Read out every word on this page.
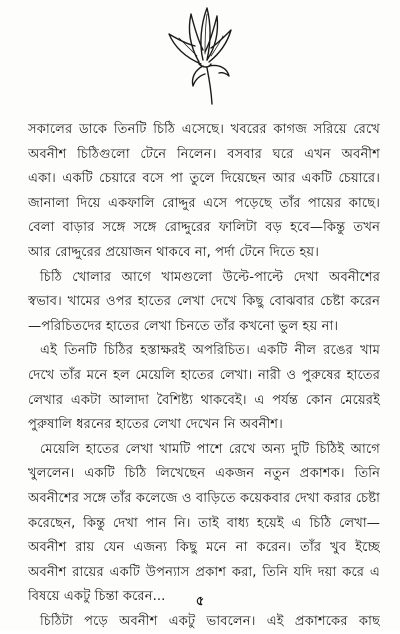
সকালের ডাকে তিনটি চিঠি এসেছে। খবরের কাগজ সরিয়ে রেখে
অবনীশ চিঠিগুলো টেনে নিলেন। বসবার ঘরে এখন অবনীশ
একা। একটি চেয়ারে বসে পা তুলে দিয়েছেন আর একটি চেয়ারে।
জানালা দিয়ে একফালি রোদ্দুর এসে পড়েছে তাঁর পায়ের কাছে।
বেলা বাড়ার সঙ্গে সঙ্গে রোদ্দুরের ফালিটা বড় হবে—কিন্তু তখন
আর রোদ্দুরের প্রয়োজন থাকবে না, পর্দা টেনে দিতে হয়।
চিঠি খোলার আগে খামগুলো উল্টে-পাল্টে দেখা অবনীশের
স্বভাব। খামের ওপর হাতের লেখা দেখে কিছু বোঝবার চেষ্টা করেন
—পরিচিতদের হাতের লেখা চিনতে তাঁর কখনো ভুল হয় না।
এই তিনটি চিঠির হস্তাক্ষরই অপরিচিত। একটি নীল রঙের খাম
দেখে তাঁর মনে হল মেয়েলি হাতের লেখা। নারী ও পুরুষের হাতের
লেখার একটা আলাদা বৈশিষ্ট্য থাকবেই। এ পর্যন্ত কোন মেয়েরই
পুরুষালি ধরনের হাতের লেখা দেখেন নি অবনীশ।
মেয়েলি হাতের লেখা খামটি পাশে রেখে অন্য দুটি চিঠিই আগে
খুললেন। একটি চিঠি লিখেছেন একজন নতুন প্রকাশক। তিনি
অবনীশের সঙ্গে তাঁর কলেজে ও বাড়িতে কয়েকবার দেখা করার চেষ্টা
করেছেন, কিন্তু দেখা পান নি। তাই বাধ্য হয়েই এ চিঠি লেখা—
অবনীশ রায় যেন এজন্য কিছু মনে না করেন। তাঁর খুব ইচ্ছে
অবনীশ রায়ের একটি উপন্যাস প্রকাশ করা, তিনি যদি দয়া করে এ
বিষয়ে একটু চিন্তা করেন...
চিঠিটা পড়ে অবনীশ একটু ভাবলেন। এই প্রকাশকের কাছ
৫
